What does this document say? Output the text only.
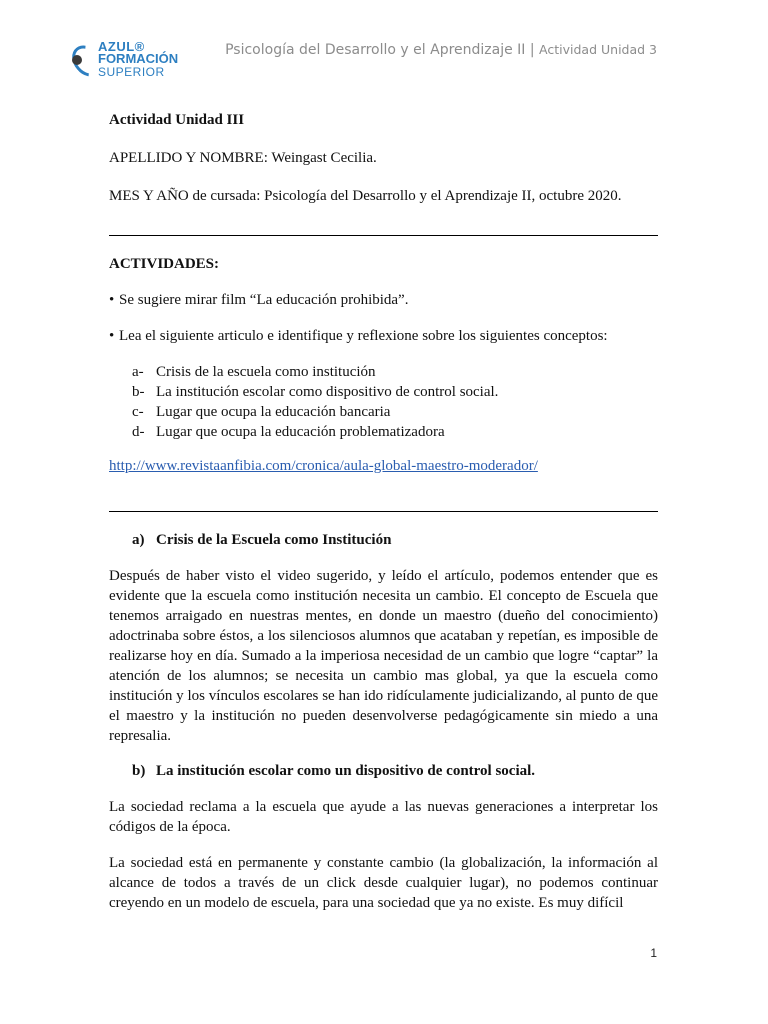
AZUL®
FORMACIÓN
SUPERIOR
Psicología del Desarrollo y el Aprendizaje II | Actividad Unidad 3

Actividad Unidad III

APELLIDO Y NOMBRE: Weingast Cecilia.

MES Y AÑO de cursada: Psicología del Desarrollo y el Aprendizaje II, octubre 2020.

ACTIVIDADES:

• Se sugiere mirar film “La educación prohibida”.
• Lea el siguiente articulo e identifique y reflexione sobre los siguientes conceptos:
a- Crisis de la escuela como institución
b- La institución escolar como dispositivo de control social.
c- Lugar que ocupa la educación bancaria
d- Lugar que ocupa la educación problematizadora

http://www.revistaanfibia.com/cronica/aula-global-maestro-moderador/

a) Crisis de la Escuela como Institución

Después de haber visto el video sugerido, y leído el artículo, podemos entender que es evidente que la escuela como institución necesita un cambio. El concepto de Escuela que tenemos arraigado en nuestras mentes, en donde un maestro (dueño del conocimiento) adoctrinaba sobre éstos, a los silenciosos alumnos que acataban y repetían, es imposible de realizarse hoy en día. Sumado a la imperiosa necesidad de un cambio que logre “captar” la atención de los alumnos; se necesita un cambio mas global, ya que la escuela como institución y los vínculos escolares se han ido ridículamente judicializando, al punto de que el maestro y la institución no pueden desenvolverse pedagógicamente sin miedo a una represalia.

b) La institución escolar como un dispositivo de control social.

La sociedad reclama a la escuela que ayude a las nuevas generaciones a interpretar los códigos de la época.

La sociedad está en permanente y constante cambio (la globalización, la información al alcance de todos a través de un click desde cualquier lugar), no podemos continuar creyendo en un modelo de escuela, para una sociedad que ya no existe. Es muy difícil

1
